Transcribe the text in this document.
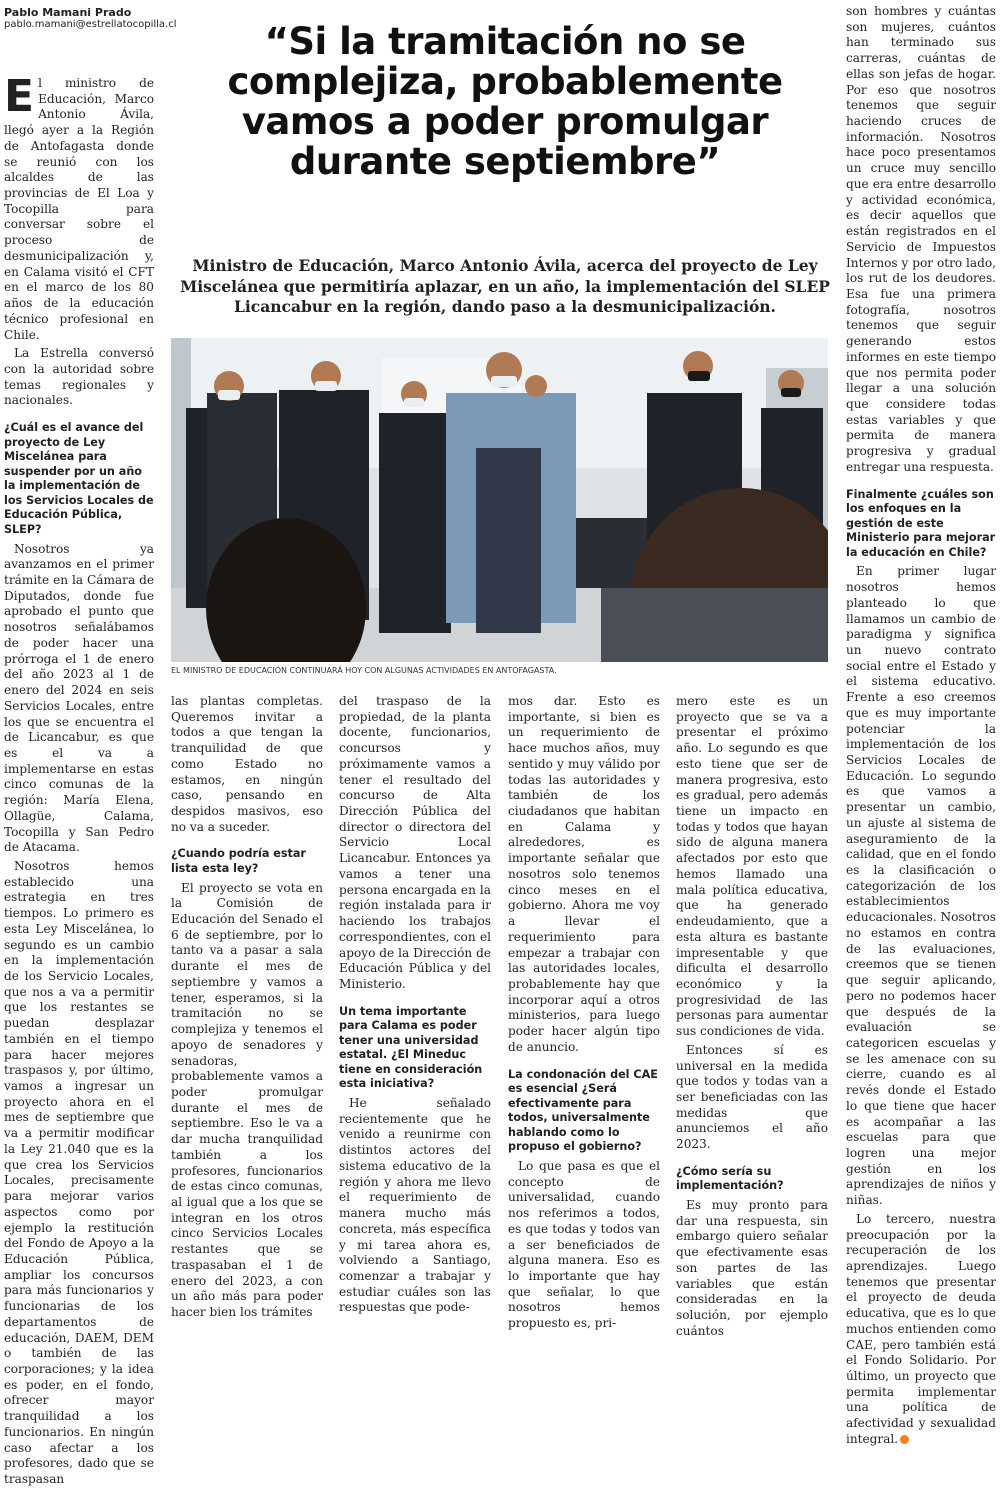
Pablo Mamani Prado
pablo.mamani@estrellatocopilla.cl	“Si la tramitación no se complejiza, probablemente vamos a poder promulgar durante septiembre”
Ministro de Educación, Marco Antonio Ávila, acerca del proyecto de Ley Miscelánea que permitiría aplazar, en un año, la implementación del SLEP Licancabur en la región, dando paso a la desmunicipalización.
EL MINISTRO DE EDUCACIÓN CONTINUARÁ HOY CON ALGUNAS ACTIVIDADES EN ANTOFAGASTA.

El ministro de Educación, Marco Antonio Ávila, llegó ayer a la Región de Antofagasta donde se reunió con los alcaldes de las provincias de El Loa y Tocopilla para conversar sobre el proceso de desmunicipalización y, en Calama visitó el CFT en el marco de los 80 años de la educación técnico profesional en Chile.

La Estrella conversó con la autoridad sobre temas regionales y nacionales.

¿Cuál es el avance del proyecto de Ley Miscelánea para suspender por un año la implementación de los Servicios Locales de Educación Pública, SLEP?

Nosotros ya avanzamos en el primer trámite en la Cámara de Diputados, donde fue aprobado el punto que nosotros señalábamos de poder hacer una prórroga el 1 de enero del año 2023 al 1 de enero del 2024 en seis Servicios Locales, entre los que se encuentra el de Licancabur, es que es el va a implementarse en estas cinco comunas de la región: María Elena, Ollagüe, Calama, Tocopilla y San Pedro de Atacama.

Nosotros hemos establecido una estrategia en tres tiempos. Lo primero es esta Ley Miscelánea, lo segundo es un cambio en la implementación de los Servicio Locales, que nos a va a permitir que los restantes se puedan desplazar también en el tiempo para hacer mejores traspasos y, por último, vamos a ingresar un proyecto ahora en el mes de septiembre que va a permitir modificar la Ley 21.040 que es la que crea los Servicios Locales, precisamente para mejorar varios aspectos como por ejemplo la restitución del Fondo de Apoyo a la Educación Pública, ampliar los concursos para más funcionarios y funcionarias de los departamentos de educación, DAEM, DEM o también de las corporaciones; y la idea es poder, en el fondo, ofrecer mayor tranquilidad a los funcionarios. En ningún caso afectar a los profesores, dado que se traspasan

las plantas completas. Queremos invitar a todos a que tengan la tranquilidad de que como Estado no estamos, en ningún caso, pensando en despidos masivos, eso no va a suceder.

¿Cuando podría estar lista esta ley?

El proyecto se vota en la Comisión de Educación del Senado el 6 de septiembre, por lo tanto va a pasar a sala durante el mes de septiembre y vamos a tener, esperamos, si la tramitación no se complejiza y tenemos el apoyo de senadores y senadoras, probablemente vamos a poder promulgar durante el mes de septiembre. Eso le va a dar mucha tranquilidad también a los profesores, funcionarios de estas cinco comunas, al igual que a los que se integran en los otros cinco Servicios Locales restantes que se traspasaban el 1 de enero del 2023, a con un año más para poder hacer bien los trámites

del traspaso de la propiedad, de la planta docente, funcionarios, concursos y próximamente vamos a tener el resultado del concurso de Alta Dirección Pública del director o directora del Servicio Local Licancabur. Entonces ya vamos a tener una persona encargada en la región instalada para ir haciendo los trabajos correspondientes, con el apoyo de la Dirección de Educación Pública y del Ministerio.

Un tema importante para Calama es poder tener una universidad estatal. ¿El Mineduc tiene en consideración esta iniciativa?

He señalado recientemente que he venido a reunirme con distintos actores del sistema educativo de la región y ahora me llevo el requerimiento de manera mucho más concreta, más específica y mi tarea ahora es, volviendo a Santiago, comenzar a trabajar y estudiar cuáles son las respuestas que pode-

mos dar. Esto es importante, si bien es un requerimiento de hace muchos años, muy sentido y muy válido por todas las autoridades y también de los ciudadanos que habitan en Calama y alrededores, es importante señalar que nosotros solo tenemos cinco meses en el gobierno. Ahora me voy a llevar el requerimiento para empezar a trabajar con las autoridades locales, probablemente hay que incorporar aquí a otros ministerios, para luego poder hacer algún tipo de anuncio.

La condonación del CAE es esencial ¿Será efectivamente para todos, universalmente hablando como lo propuso el gobierno?

Lo que pasa es que el concepto de universalidad, cuando nos referimos a todos, es que todas y todos van a ser beneficiados de alguna manera. Eso es lo importante que hay que señalar, lo que nosotros hemos propuesto es, pri-

mero este es un proyecto que se va a presentar el próximo año. Lo segundo es que esto tiene que ser de manera progresiva, esto es gradual, pero además tiene un impacto en todas y todos que hayan sido de alguna manera afectados por esto que hemos llamado una mala política educativa, que ha generado endeudamiento, que a esta altura es bastante impresentable y que dificulta el desarrollo económico y la progresividad de las personas para aumentar sus condiciones de vida.

Entonces sí es universal en la medida que todos y todas van a ser beneficiadas con las medidas que anunciemos el año 2023.

¿Cómo sería su implementación?

Es muy pronto para dar una respuesta, sin embargo quiero señalar que efectivamente esas son partes de las variables que están consideradas en la solución, por ejemplo cuántos

son hombres y cuántas son mujeres, cuántos han terminado sus carreras, cuántas de ellas son jefas de hogar. Por eso que nosotros tenemos que seguir haciendo cruces de información. Nosotros hace poco presentamos un cruce muy sencillo que era entre desarrollo y actividad económica, es decir aquellos que están registrados en el Servicio de Impuestos Internos y por otro lado, los rut de los deudores. Esa fue una primera fotografía, nosotros tenemos que seguir generando estos informes en este tiempo que nos permita poder llegar a una solución que considere todas estas variables y que permita de manera progresiva y gradual entregar una respuesta.

Finalmente ¿cuáles son los enfoques en la gestión de este Ministerio para mejorar la educación en Chile?

En primer lugar nosotros hemos planteado lo que llamamos un cambio de paradigma y significa un nuevo contrato social entre el Estado y el sistema educativo. Frente a eso creemos que es muy importante potenciar la implementación de los Servicios Locales de Educación. Lo segundo es que vamos a presentar un cambio, un ajuste al sistema de aseguramiento de la calidad, que en el fondo es la clasificación o categorización de los establecimientos educacionales. Nosotros no estamos en contra de las evaluaciones, creemos que se tienen que seguir aplicando, pero no podemos hacer que después de la evaluación se categoricen escuelas y se les amenace con su cierre, cuando es al revés donde el Estado lo que tiene que hacer es acompañar a las escuelas para que logren una mejor gestión en los aprendizajes de niños y niñas.

Lo tercero, nuestra preocupación por la recuperación de los aprendizajes. Luego tenemos que presentar el proyecto de deuda educativa, que es lo que muchos entienden como CAE, pero también está el Fondo Solidario. Por último, un proyecto que permita implementar una política de afectividad y sexualidad integral.
